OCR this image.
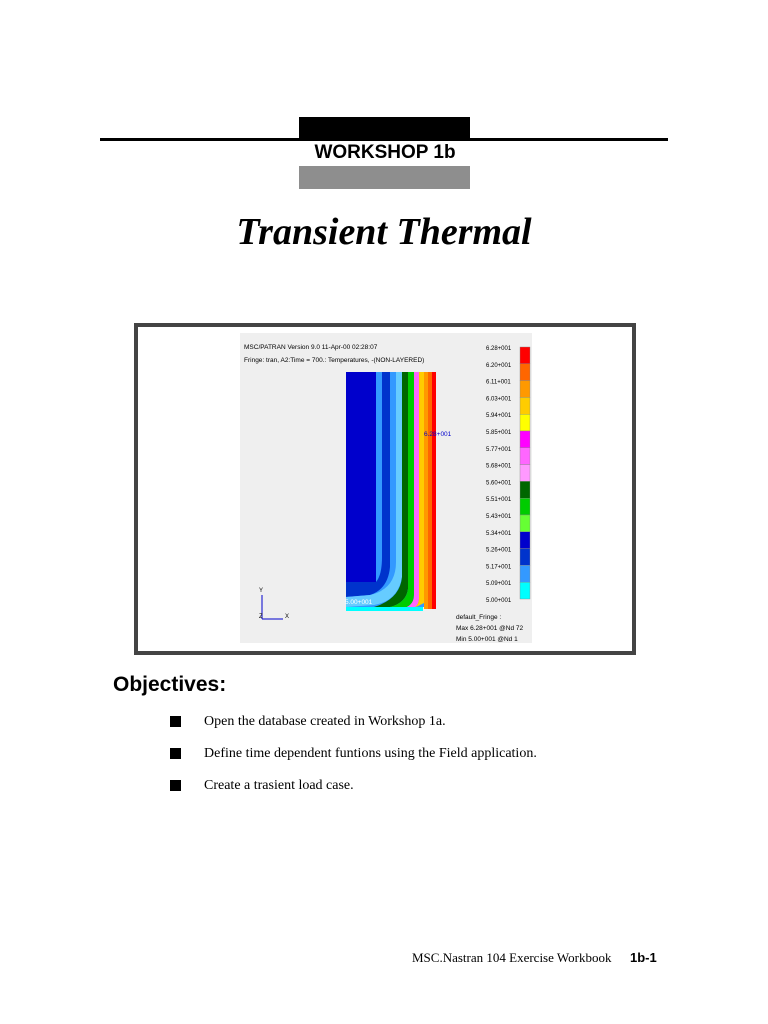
WORKSHOP 1b
Transient Thermal
MSC/PATRAN Version 9.0 11-Apr-00 02:28:07
Fringe: tran, A2:Time = 700.: Temperatures, -(NON-LAYERED)
6.28+001
5.00+001
Y
Z	X
6.28+001
6.20+001
6.11+001
6.03+001
5.94+001
5.85+001
5.77+001
5.68+001
5.60+001
5.51+001
5.43+001
5.34+001
5.26+001
5.17+001
5.09+001
5.00+001
default_Fringe :
Max 6.28+001 @Nd 72
Min 5.00+001 @Nd 1
Objectives:
Open the database created in Workshop 1a.
Define time dependent funtions using the Field application.
Create a trasient load case.
MSC.Nastran 104 Exercise Workbook 1b-1
